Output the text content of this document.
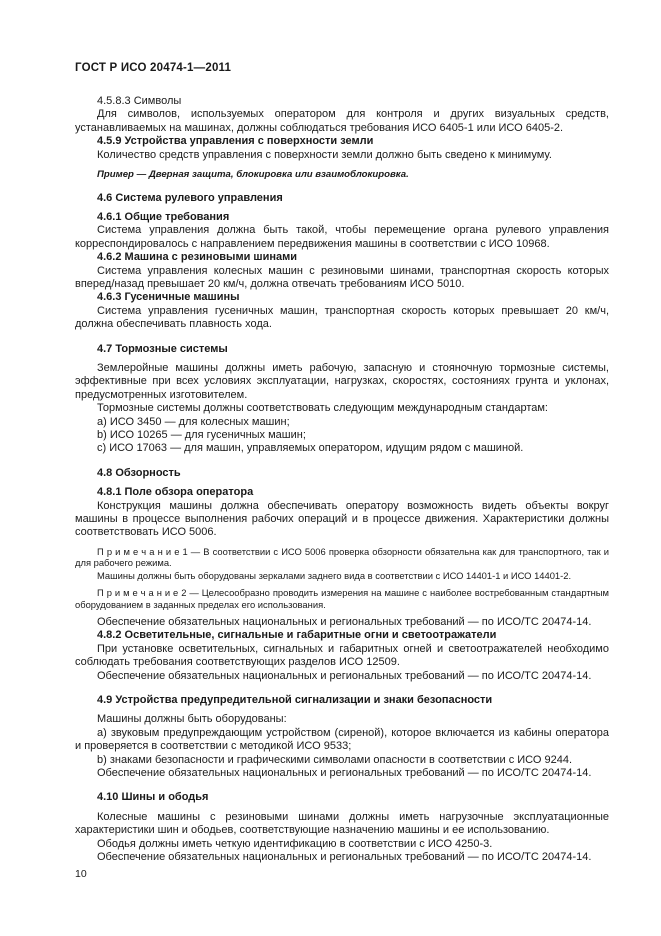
ГОСТ Р ИСО 20474-1—2011

4.5.8.3 Символы

Для символов, используемых оператором для контроля и других визуальных средств, устанавливаемых на машинах, должны соблюдаться требования ИСО 6405-1 или ИСО 6405-2.

4.5.9 Устройства управления с поверхности земли

Количество средств управления с поверхности земли должно быть сведено к минимуму.

Пример — Дверная защита, блокировка или взаимоблокировка.

4.6 Система рулевого управления

4.6.1 Общие требования

Система управления должна быть такой, чтобы перемещение органа рулевого управления корреспондировалось с направлением передвижения машины в соответствии с ИСО 10968.

4.6.2 Машина с резиновыми шинами

Система управления колесных машин с резиновыми шинами, транспортная скорость которых вперед/назад превышает 20 км/ч, должна отвечать требованиям ИСО 5010.

4.6.3 Гусеничные машины

Система управления гусеничных машин, транспортная скорость которых превышает 20 км/ч, должна обеспечивать плавность хода.

4.7 Тормозные системы

Землеройные машины должны иметь рабочую, запасную и стояночную тормозные системы, эффективные при всех условиях эксплуатации, нагрузках, скоростях, состояниях грунта и уклонах, предусмотренных изготовителем.

Тормозные системы должны соответствовать следующим международным стандартам:

a) ИСО 3450 — для колесных машин;

b) ИСО 10265 — для гусеничных машин;

c) ИСО 17063 — для машин, управляемых оператором, идущим рядом с машиной.

4.8 Обзорность

4.8.1 Поле обзора оператора

Конструкция машины должна обеспечивать оператору возможность видеть объекты вокруг машины в процессе выполнения рабочих операций и в процессе движения. Характеристики должны соответствовать ИСО 5006.

П р и м е ч а н и е 1 — В соответствии с ИСО 5006 проверка обзорности обязательна как для транспортного, так и для рабочего режима.

Машины должны быть оборудованы зеркалами заднего вида в соответствии с ИСО 14401-1 и ИСО 14401-2.

П р и м е ч а н и е 2 — Целесообразно проводить измерения на машине с наиболее востребованным стандартным оборудованием в заданных пределах его использования.

Обеспечение обязательных национальных и региональных требований — по ИСО/ТС 20474-14.

4.8.2 Осветительные, сигнальные и габаритные огни и светоотражатели

При установке осветительных, сигнальных и габаритных огней и светоотражателей необходимо соблюдать требования соответствующих разделов ИСО 12509.

Обеспечение обязательных национальных и региональных требований — по ИСО/ТС 20474-14.

4.9 Устройства предупредительной сигнализации и знаки безопасности

Машины должны быть оборудованы:

a) звуковым предупреждающим устройством (сиреной), которое включается из кабины оператора и проверяется в соответствии с методикой ИСО 9533;

b) знаками безопасности и графическими символами опасности в соответствии с ИСО 9244.

Обеспечение обязательных национальных и региональных требований — по ИСО/ТС 20474-14.

4.10 Шины и ободья

Колесные машины с резиновыми шинами должны иметь нагрузочные эксплуатационные характеристики шин и ободьев, соответствующие назначению машины и ее использованию.

Ободья должны иметь четкую идентификацию в соответствии с ИСО 4250-3.

Обеспечение обязательных национальных и региональных требований — по ИСО/ТС 20474-14.

10
